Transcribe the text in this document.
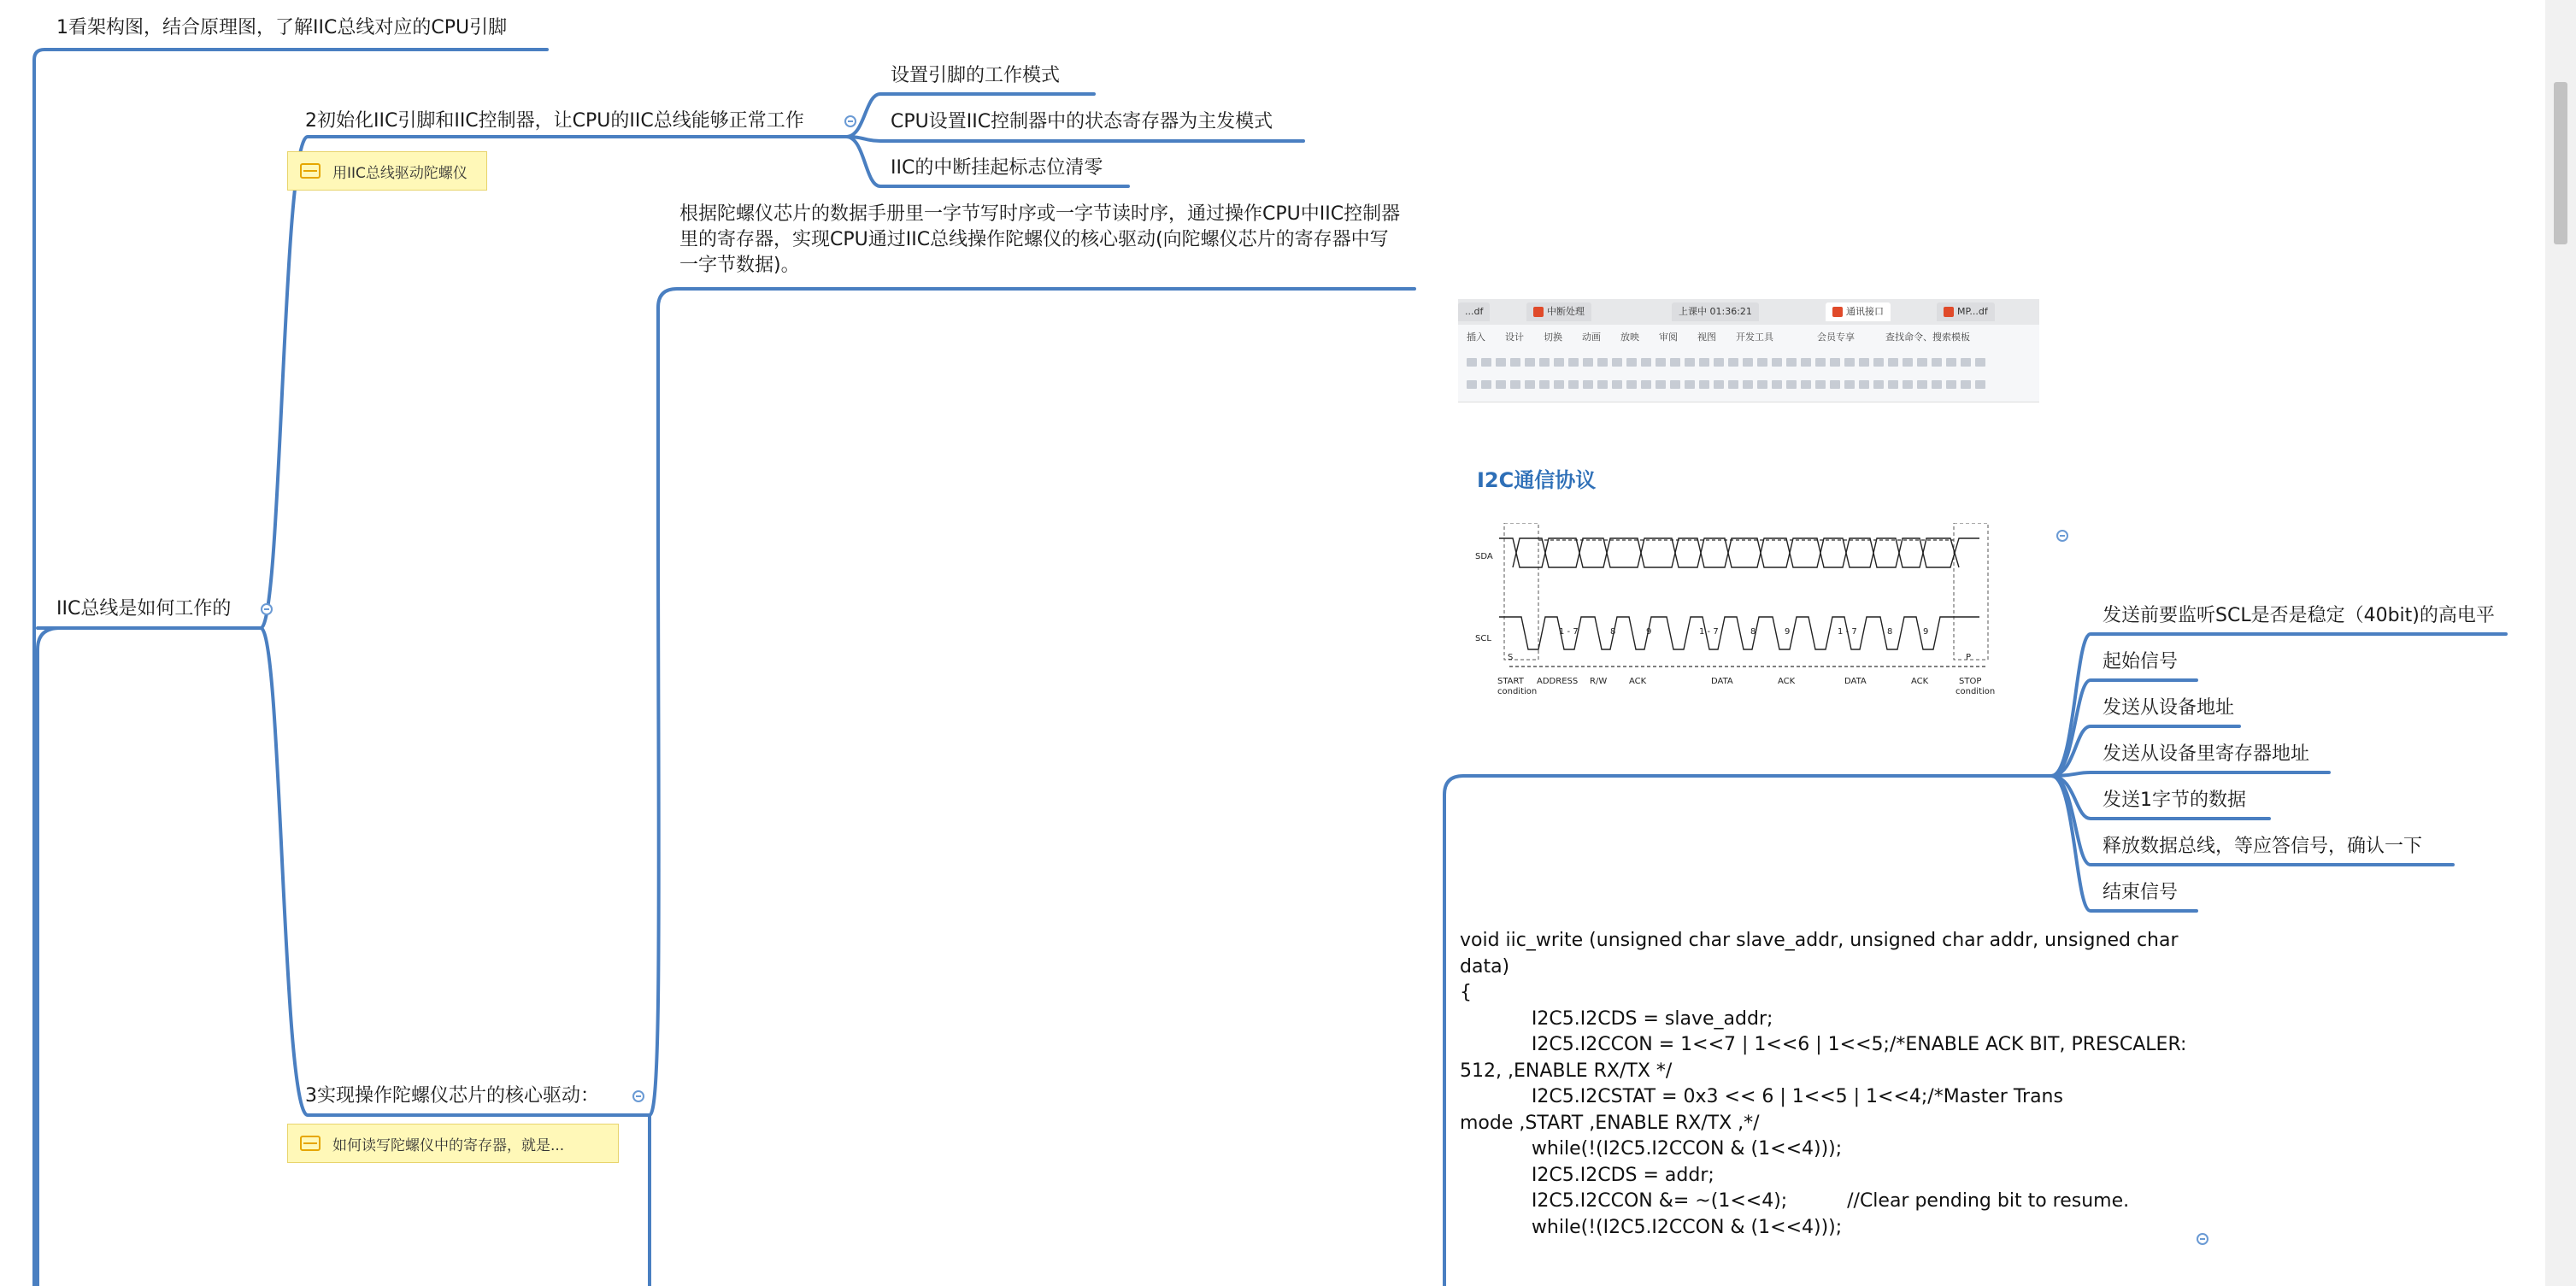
1看架构图，结合原理图，了解IIC总线对应的CPU引脚
IIC总线是如何工作的
2初始化IIC引脚和IIC控制器，让CPU的IIC总线能够正常工作
用IIC总线驱动陀螺仪
设置引脚的工作模式
CPU设置IIC控制器中的状态寄存器为主发模式
IIC的中断挂起标志位清零
3实现操作陀螺仪芯片的核心驱动：
如何读写陀螺仪中的寄存器，就是...
根据陀螺仪芯片的数据手册里一字节写时序或一字节读时序，通过操作CPU中IIC控制器里的寄存器，实现CPU通过IIC总线操作陀螺仪的核心驱动(向陀螺仪芯片的寄存器中写一字节数据)。
...df	中断处理	上课中 01:36:21	通讯接口	MP...df
插入 设计 切换 动画 放映 审阅 视图 开发工具	会员专享	查找命令、搜索模板
I2C通信协议
SDA
SCL
S
1 - 7	8	9	1 - 7	8	9	1 - 7	8	9
P
START
condition
ADDRESS R/W	ACK	DATA	ACK	DATA	ACK	STOP
condition
发送前要监听SCL是否是稳定（40bit)的高电平
起始信号
发送从设备地址
发送从设备里寄存器地址
发送1字节的数据
释放数据总线，等应答信号，确认一下
结束信号
void iic_write (unsigned char slave_addr, unsigned char addr, unsigned char
data)
{
I2C5.I2CDS = slave_addr;
I2C5.I2CCON = 1<<7 | 1<<6 | 1<<5;/*ENABLE ACK BIT, PRESCALER:
512, ,ENABLE RX/TX */
I2C5.I2CSTAT = 0x3 << 6 | 1<<5 | 1<<4;/*Master Trans
mode ,START ,ENABLE RX/TX ,*/
while(!(I2C5.I2CCON & (1<<4)));
I2C5.I2CDS = addr;
I2C5.I2CCON &= ~(1<<4);          //Clear pending bit to resume.
while(!(I2C5.I2CCON & (1<<4)));
